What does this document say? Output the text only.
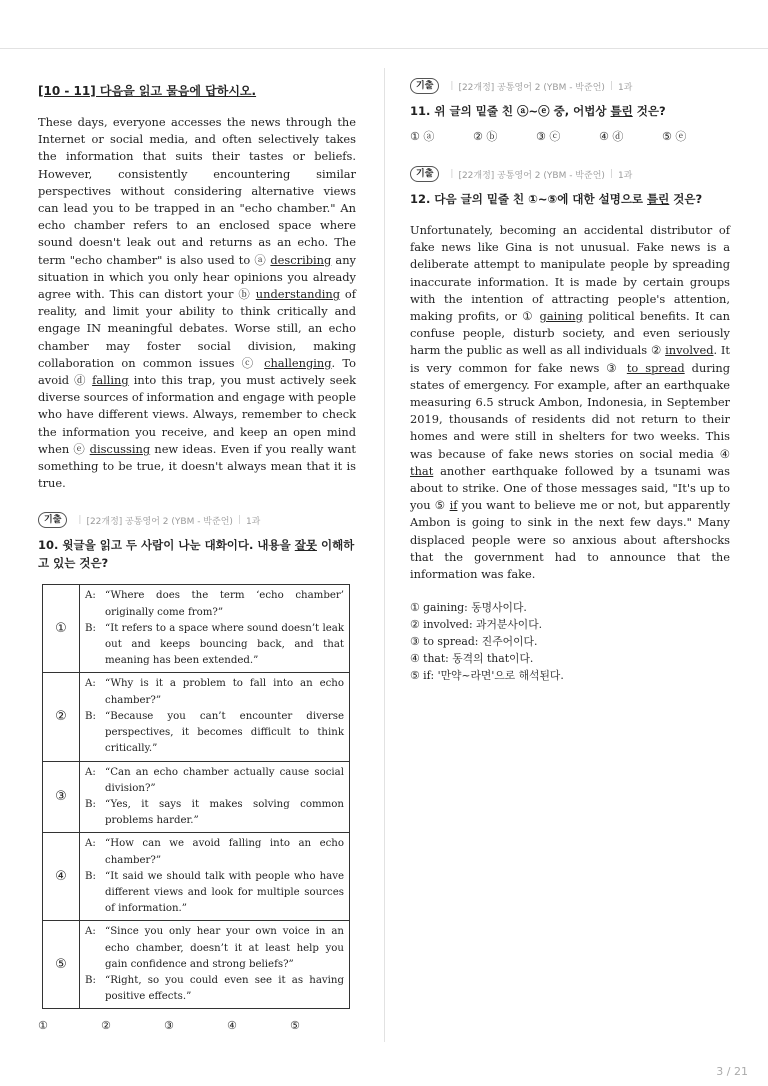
[10 - 11] 다음을 읽고 물음에 답하시오.

These days, everyone accesses the news through the Internet or social media, and often selectively takes the information that suits their tastes or beliefs. However, consistently encountering similar perspectives without considering alternative views can lead you to be trapped in an "echo chamber." An echo chamber refers to an enclosed space where sound doesn't leak out and returns as an echo. The term "echo chamber" is also used to ⓐ describing any situation in which you only hear opinions you already agree with. This can distort your ⓑ understanding of reality, and limit your ability to think critically and engage IN meaningful debates. Worse still, an echo chamber may foster social division, making collaboration on common issues ⓒ challenging. To avoid ⓓ falling into this trap, you must actively seek diverse sources of information and engage with people who have different views. Always, remember to check the information you receive, and keep an open mind when ⓔ discussing new ideas. Even if you really want something to be true, it doesn't always mean that it is true.

기출	| [22개정] 공통영어 2 (YBM - 박준언) | 1과
10. 윗글을 읽고 두 사람이 나눈 대화이다. 내용을 잘못 이해하고 있는 것은?
①	A: “Where does the term ‘echo chamber’ originally come from?”
B: “It refers to a space where sound doesn’t leak out and keeps bouncing back, and that meaning has been extended.”

②	A: “Why is it a problem to fall into an echo chamber?”
B: “Because you can’t encounter diverse perspectives, it becomes difficult to think critically.”

③	A: “Can an echo chamber actually cause social division?”
B: “Yes, it says it makes solving common problems harder.”

④	A: “How can we avoid falling into an echo chamber?”
B: “It said we should talk with people who have different views and look for multiple sources of information.”

⑤	A: “Since you only hear your own voice in an echo chamber, doesn’t it at least help you gain confidence and strong beliefs?”
B: “Right, so you could even see it as having positive effects.”
①	②	③	④	⑤
기출	| [22개정] 공통영어 2 (YBM - 박준언) | 1과
11. 위 글의 밑줄 친 ⓐ~ⓔ 중, 어법상 틀린 것은?
① ⓐ	② ⓑ	③ ⓒ	④ ⓓ	⑤ ⓔ
기출	| [22개정] 공통영어 2 (YBM - 박준언) | 1과
12. 다음 글의 밑줄 친 ①~⑤에 대한 설명으로 틀린 것은?

Unfortunately, becoming an accidental distributor of fake news like Gina is not unusual. Fake news is a deliberate attempt to manipulate people by spreading inaccurate information. It is made by certain groups with the intention of attracting people's attention, making profits, or ① gaining political benefits. It can confuse people, disturb society, and even seriously harm the public as well as all individuals ② involved. It is very common for fake news ③ to spread during states of emergency. For example, after an earthquake measuring 6.5 struck Ambon, Indonesia, in September 2019, thousands of residents did not return to their homes and were still in shelters for two weeks. This was because of fake news stories on social media ④ that another earthquake followed by a tsunami was about to strike. One of those messages said, "It's up to you ⑤ if you want to believe me or not, but apparently Ambon is going to sink in the next few days." Many displaced people were so anxious about aftershocks that the government had to announce that the information was fake.

① gaining: 동명사이다.

② involved: 과거분사이다.

③ to spread: 진주어이다.

④ that: 동격의 that이다.

⑤ if: '만약~라면'으로 해석된다.

3 / 21
